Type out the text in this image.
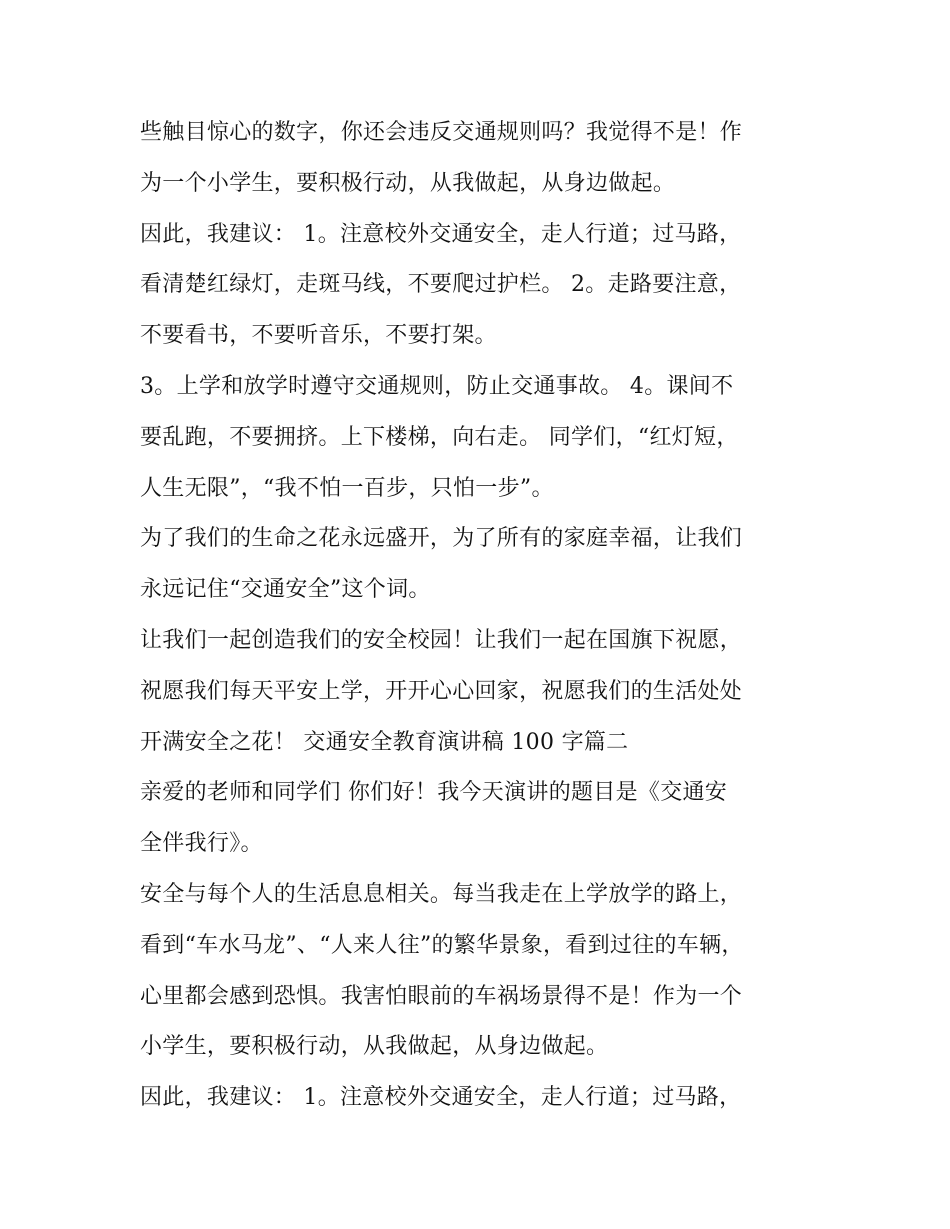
些触目惊心的数字，你还会违反交通规则吗？我觉得不是！作
为一个小学生，要积极行动，从我做起，从身边做起。
因此，我建议： 1。注意校外交通安全，走人行道；过马路，
看清楚红绿灯，走斑马线，不要爬过护栏。 2。走路要注意，
不要看书，不要听音乐，不要打架。
3。上学和放学时遵守交通规则，防止交通事故。 4。课间不
要乱跑，不要拥挤。上下楼梯，向右走。 同学们，“红灯短，
人生无限”，“我不怕一百步，只怕一步”。
为了我们的生命之花永远盛开，为了所有的家庭幸福，让我们
永远记住“交通安全”这个词。
让我们一起创造我们的安全校园！让我们一起在国旗下祝愿，
祝愿我们每天平安上学，开开心心回家，祝愿我们的生活处处
开满安全之花！ 交通安全教育演讲稿 100 字篇二
亲爱的老师和同学们 你们好！我今天演讲的题目是《交通安
全伴我行》。
安全与每个人的生活息息相关。每当我走在上学放学的路上，
看到“车水马龙”、“人来人往”的繁华景象，看到过往的车辆，
心里都会感到恐惧。我害怕眼前的车祸场景得不是！作为一个
小学生，要积极行动，从我做起，从身边做起。
因此，我建议： 1。注意校外交通安全，走人行道；过马路，
